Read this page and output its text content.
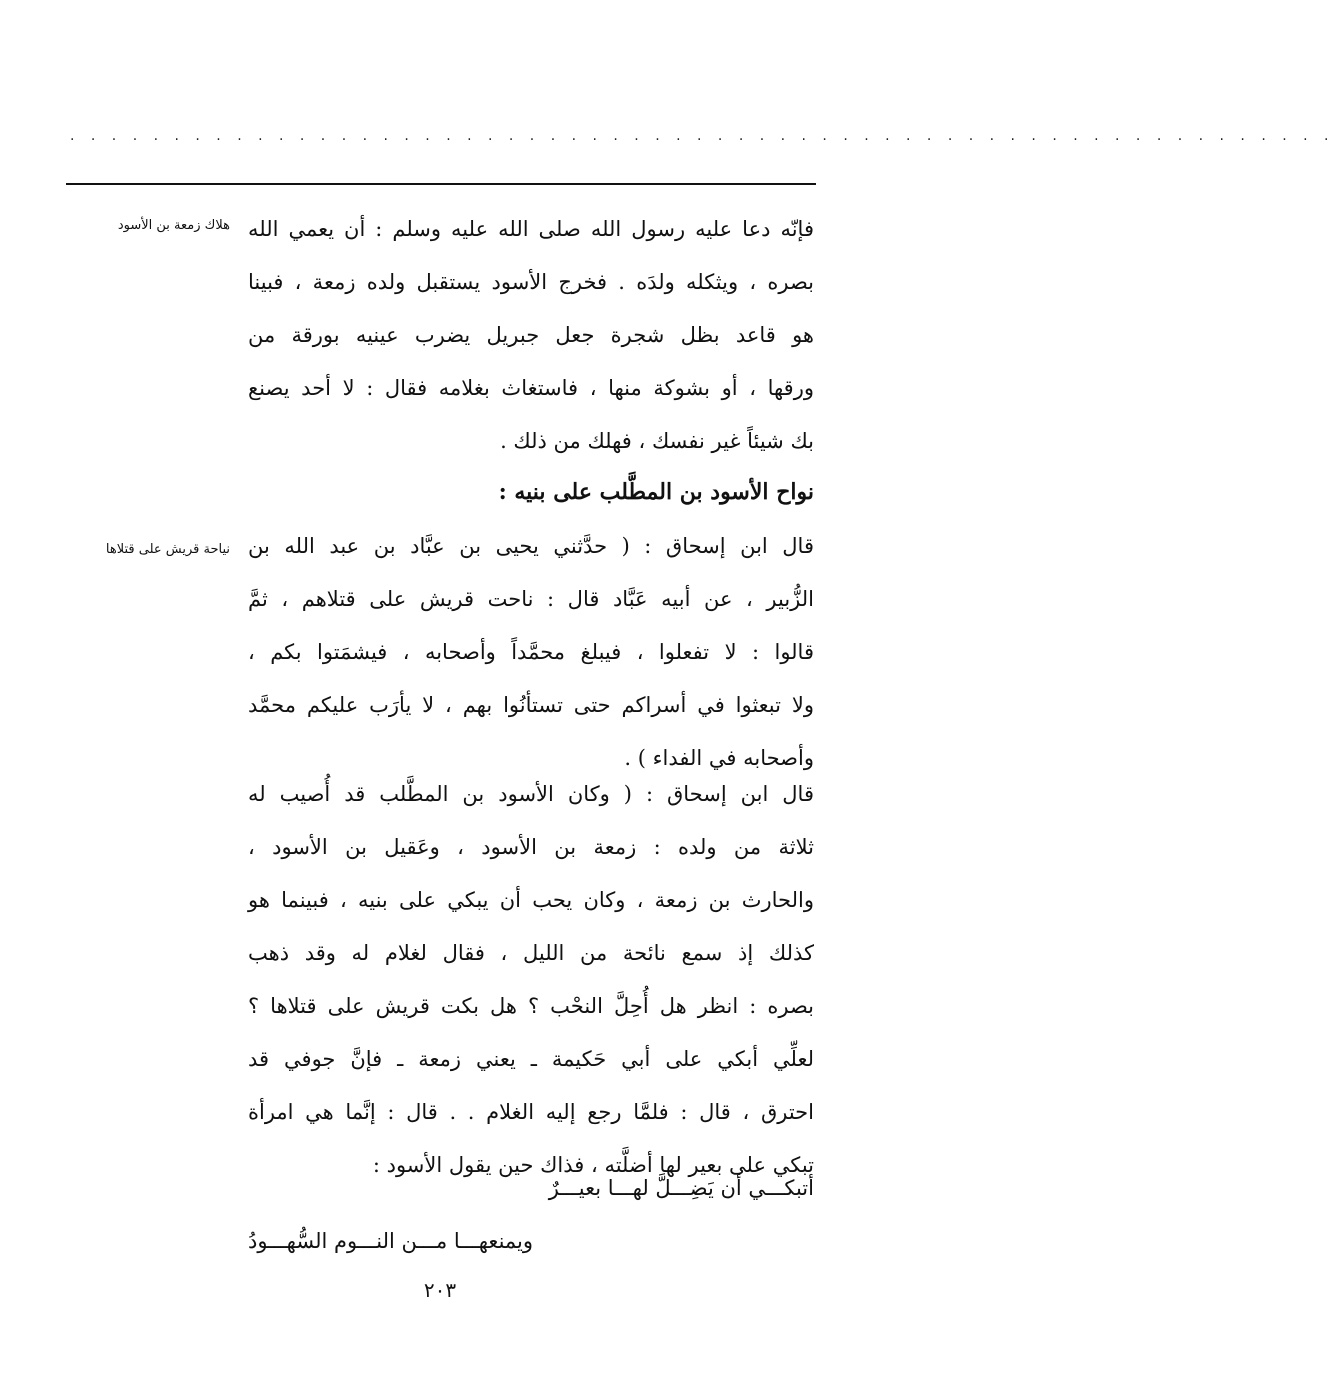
· · · · · · · · · · · · · · · · · · · · · · · · · · · · · · · · · · · · · · · · · · · · · · · · · · · · · · · · · · · · ·
هلاك زمعة بن الأسود
نياحة قريش على قتلاها
فإنّه دعا عليه رسول الله صلى الله عليه وسلم : أن يعمي الله
بصره ، ويثكله ولدَه . فخرج الأسود يستقبل ولده زمعة ، فبينا
هو قاعد بظل شجرة جعل جبريل يضرب عينيه بورقة من
ورقها ، أو بشوكة منها ، فاستغاث بغلامه فقال : لا أحد يصنع
بك شيئاً غير نفسك ، فهلك من ذلك .
نواح الأسود بن المطَّلب على بنيه :
قال ابن إسحاق : ( حدَّثني يحيى بن عبَّاد بن عبد الله بن
الزُّبير ، عن أبيه عَبَّاد قال : ناحت قريش على قتلاهم ، ثمَّ
قالوا : لا تفعلوا ، فيبلغ محمَّداً وأصحابه ، فيشمَتوا بكم ،
ولا تبعثوا في أسراكم حتى تستأنُوا بهم ، لا يأرَب عليكم محمَّد
وأصحابه في الفداء ) .
قال ابن إسحاق : ( وكان الأسود بن المطَّلب قد أُصيب له
ثلاثة من ولده : زمعة بن الأسود ، وعَقيل بن الأسود ،
والحارث بن زمعة ، وكان يحب أن يبكي على بنيه ، فبينما هو
كذلك إذ سمع نائحة من الليل ، فقال لغلام له وقد ذهب
بصره : انظر هل أُحِلَّ النحْب ؟ هل بكت قريش على قتلاها ؟
لعلِّي أبكي على أبي حَكيمة ـ يعني زمعة ـ فإنَّ جوفي قد
احترق ، قال : فلمَّا رجع إليه الغلام . . قال : إنَّما هي امرأة
تبكي على بعير لها أضلَّته ، فذاك حين يقول الأسود :
أتبكـــي أن يَضِـــلَّ لهـــا بعيـــرٌ
ويمنعهـــا مـــن النـــوم السُّهـــودُ
٢٠٣
